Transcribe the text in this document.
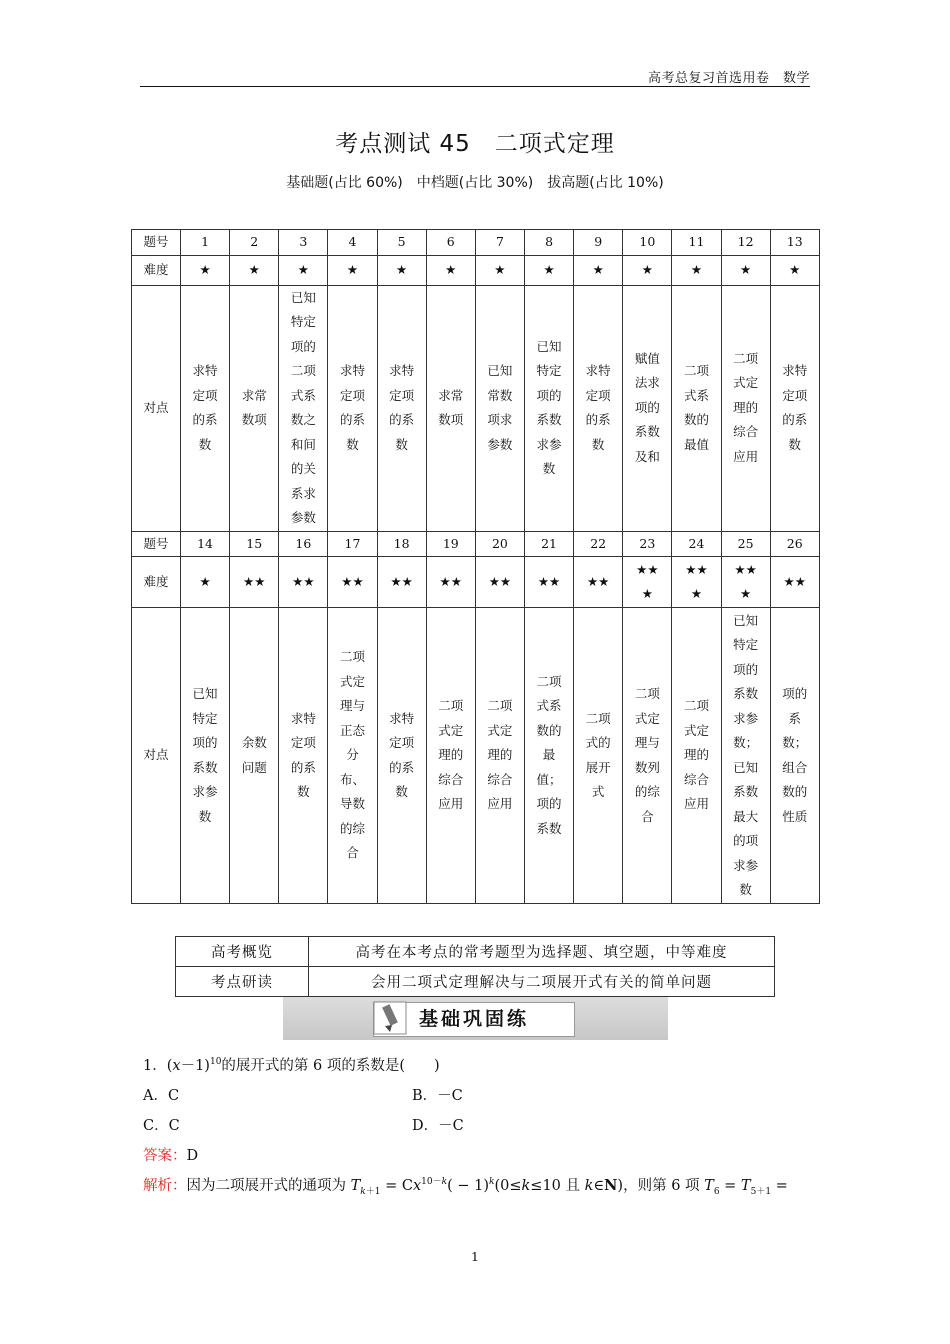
高考总复习首选用卷　数学
考点测试 45　二项式定理
基础题(占比 60%)　中档题(占比 30%)　拔高题(占比 10%)
题号	1	2	3	4	5	6	7	8	9	10	11	12	13
难度	★	★	★	★	★	★	★	★	★	★	★	★	★
对点	求特定项的系数	求常数项	已知特定项的二项式系数之和间的关系求参数	求特定项的系数	求特定项的系数	求常数项	已知常数项求参数	已知特定项的系数求参数	求特定项的系数	赋值法求项的系数及和	二项式系数的最值	二项式定理的综合应用	求特定项的系数
题号	14	15	16	17	18	19	20	21	22	23	24	25	26
难度	★	★★	★★	★★	★★	★★	★★	★★	★★	★★★	★★★	★★★	★★
对点	已知特定项的系数求参数	余数问题	求特定项的系数	二项式定理与正态分布、导数的综合	求特定项的系数	二项式定理的综合应用	二项式定理的综合应用	二项式系数的最值；项的系数	二项式的展开式	二项式定理与数列的综合	二项式定理的综合应用	已知特定项的系数求参数；已知系数最大的项求参数	项的系数；组合数的性质
高考概览	高考在本考点的常考题型为选择题、填空题，中等难度
考点研读	会用二项式定理解决与二项展开式有关的简单问题
基础巩固练
1．$(x-1)^{10}$的展开式的第 6 项的系数是(　　)
A．C	B．－C
C．C	D．－C
答案：D
解析：因为二项展开式的通项为 $T_{k+1} = Cx^{10-k}( - 1)^k(0\le k\le 10$ 且 k∈N)，则第 6 项 $T_6 = T_{5+1}$ =
1
